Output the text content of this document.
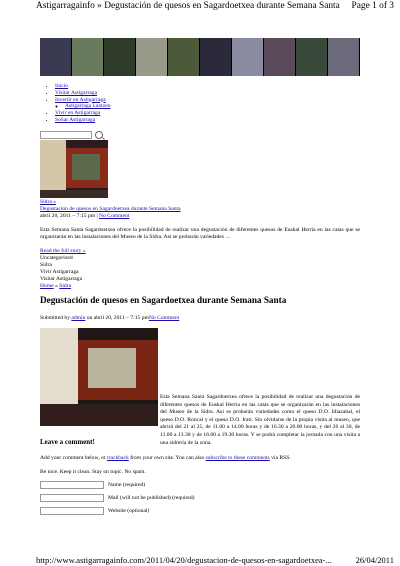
Astigarragainfo » Degustación de quesos en Sagardoetxea durante Semana Santa Page 1 of 3
• Inicio
• Visitar Astigarraga
• Invertir en Astigarraga
◦ Astigarraga Lantzen
• Vivir en Astigarraga
• Soñar Astigarraga
Sidra »
Degustación de quesos en Sagardoetxea durante Semana Santa
abril 20, 2011 – 7:15 pm | No Comment
Esta Semana Santa Sagardoetxea ofrece la posibilidad de realizar una degustación de diferentes quesos de Euskal Herria en las catas que se organizarán en las instalaciones del Museo de la Sidra. Así se probarán variedades …
Read the full story »
Uncategorized
Sidra
Vivir Astigarraga
Visitar Astigarraga
Home » Sidra
Degustación de quesos en Sagardoetxea durante Semana Santa
Submitted by admin on abril 20, 2011 – 7:15 pmNo Comment
Esta Semana Santa Sagardoetxea ofrece la posibilidad de realizar una degustación de diferentes quesos de Euskal Herria en las catas que se organizarán en las instalaciones del Museo de la Sidra. Así se probarán variedades como el queso D.O. Idiazabal, el queso D.O. Roncal y el queso D.O. Irati. Sin olvidarse de la propia visita al museo, que abrirá del 21 al 25, de 11.00 a 14.00 horas y de 16.30 a 20.00 horas, y del 26 al 30, de 11.00 a 13.30 y de 16.00 a 19.30 horas. Y se podrá completar la jornada con una visita a una sidrería de la zona.
Leave a comment!
Add your comment below, or trackback from your own site. You can also subscribe to these comments via RSS.
Be nice. Keep it clean. Stay on topic. No spam.
Name (required)
Mail (will not be published) (required)
Website (optional)
http://www.astigarragainfo.com/2011/04/20/degustacion-de-quesos-en-sagardoetxea-...	26/04/2011
